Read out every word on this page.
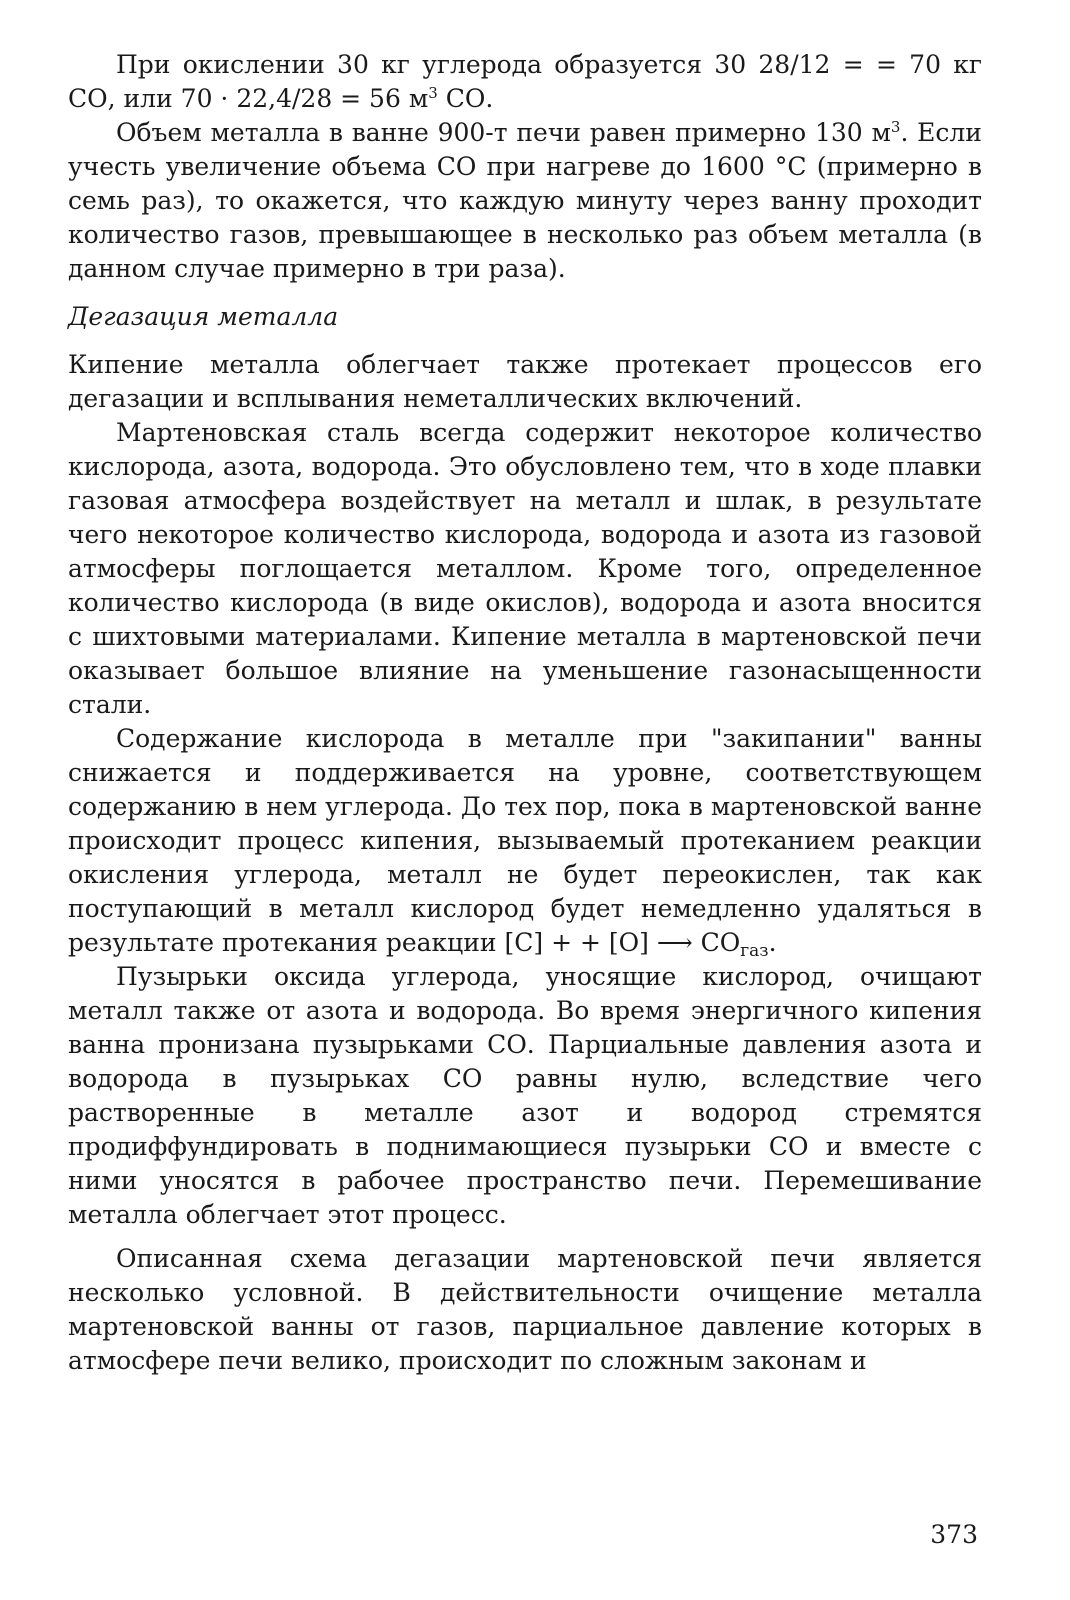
При окислении 30 кг углерода образуется 30 28/12 = = 70 кг СО, или 70 · 22,4/28 = 56 $м^3$ СО.

Объем металла в ванне 900-т печи равен примерно 130 $м^3$. Если учесть увеличение объема СО при нагреве до 1600 °С (примерно в семь раз), то окажется, что каждую минуту через ванну проходит количество газов, превышающее в несколько раз объем металла (в данном случае примерно в три раза).

Дегазация металла

Кипение металла облегчает также протекает процессов его дегазации и всплывания неметаллических включений.

Мартеновская сталь всегда содержит некоторое количество кислорода, азота, водорода. Это обусловлено тем, что в ходе плавки газовая атмосфера воздействует на металл и шлак, в результате чего некоторое количество кислорода, водорода и азота из газовой атмосферы поглощается металлом. Кроме того, определенное количество кислорода (в виде окислов), водорода и азота вносится с шихтовыми материалами. Кипение металла в мартеновской печи оказывает большое влияние на уменьшение газонасыщенности стали.

Содержание кислорода в металле при "закипании" ванны снижается и поддерживается на уровне, соответствующем содержанию в нем углерода. До тех пор, пока в мартеновской ванне происходит процесс кипения, вызываемый протеканием реакции окисления углерода, металл не будет переокислен, так как поступающий в металл кислород будет немедленно удаляться в результате протекания реакции [С] + + [О] ⟶ $СО_{газ}$.

Пузырьки оксида углерода, уносящие кислород, очищают металл также от азота и водорода. Во время энергичного кипения ванна пронизана пузырьками СО. Парциальные давления азота и водорода в пузырьках СО равны нулю, вследствие чего растворенные в металле азот и водород стремятся продиффундировать в поднимающиеся пузырьки СО и вместе с ними уносятся в рабочее пространство печи. Перемешивание металла облегчает этот процесс.

Описанная схема дегазации мартеновской печи является несколько условной. В действительности очищение металла мартеновской ванны от газов, парциальное давление которых в атмосфере печи велико, происходит по сложным законам и

373
